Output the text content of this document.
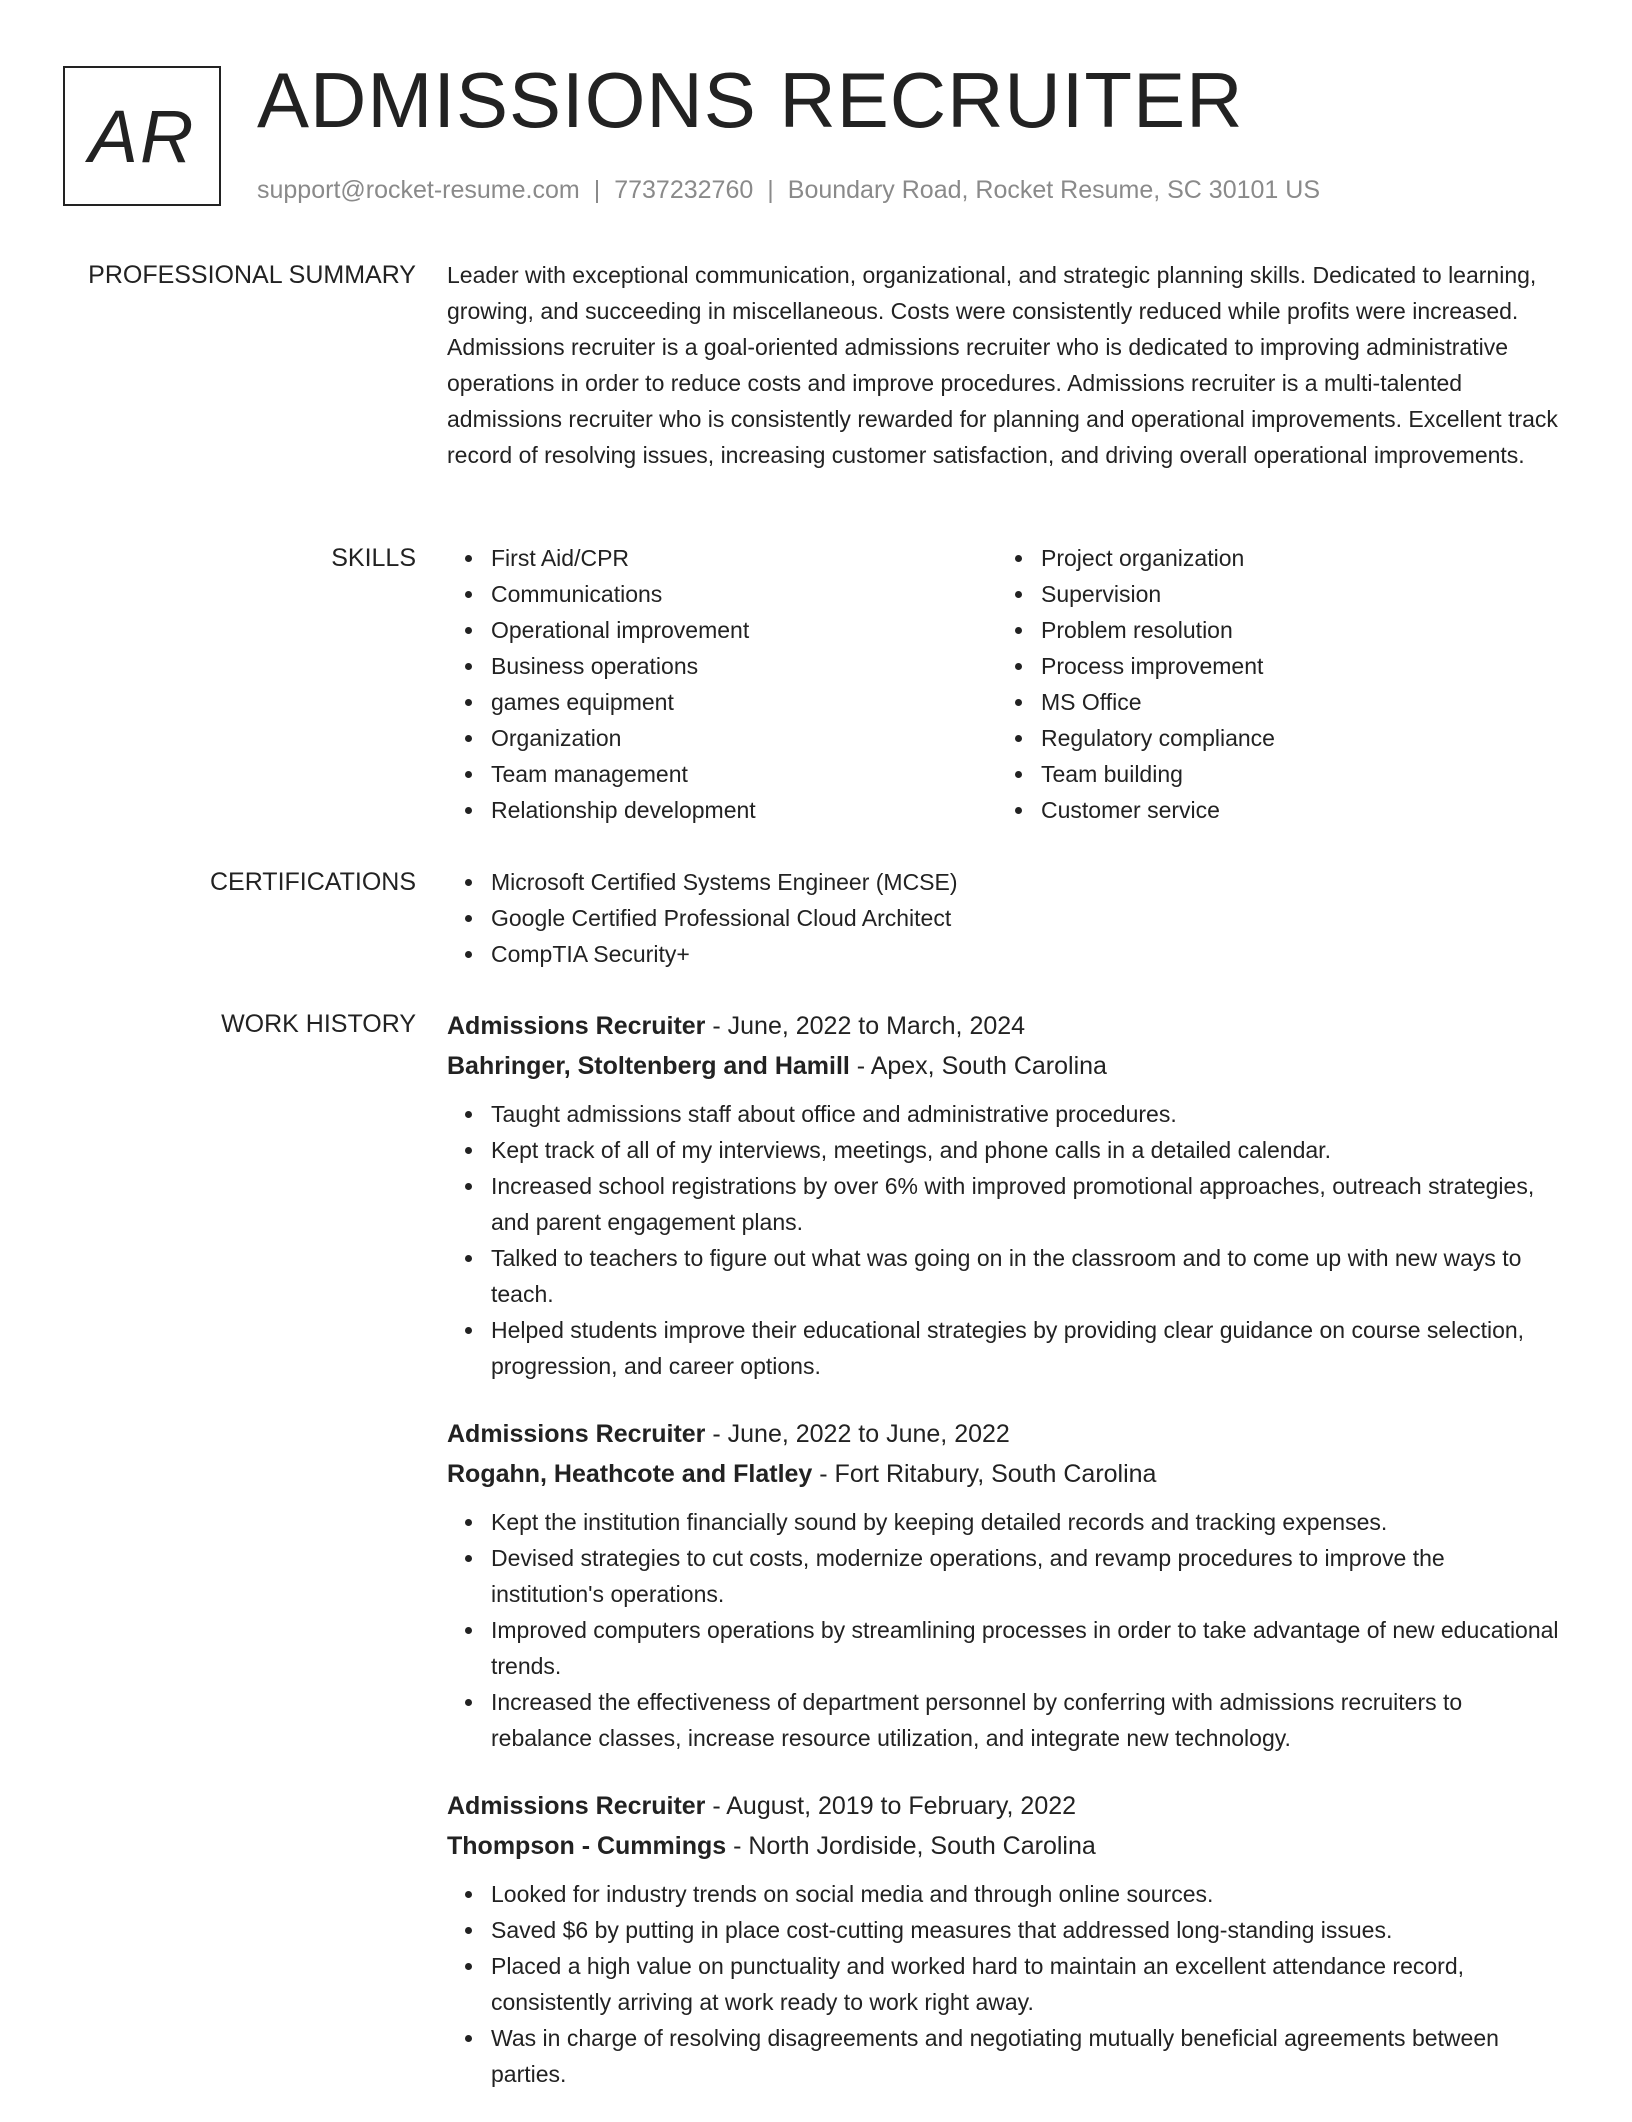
AR ADMISSIONS RECRUITER
support@rocket-resume.com | 7737232760 | Boundary Road, Rocket Resume, SC 30101 US
PROFESSIONAL SUMMARY Leader with exceptional communication, organizational, and strategic planning skills. Dedicated to learning, growing, and succeeding in miscellaneous. Costs were consistently reduced while profits were increased. Admissions recruiter is a goal-oriented admissions recruiter who is dedicated to improving administrative operations in order to reduce costs and improve procedures. Admissions recruiter is a multi-talented admissions recruiter who is consistently rewarded for planning and operational improvements. Excellent track record of resolving issues, increasing customer satisfaction, and driving overall operational improvements.

SKILLS	First Aid/CPR
Communications
Operational improvement
Business operations
games equipment
Organization
Team management
Relationship development
Project organization
Supervision
Problem resolution
Process improvement
MS Office
Regulatory compliance
Team building
Customer service
CERTIFICATIONS	Microsoft Certified Systems Engineer (MCSE)
Google Certified Professional Cloud Architect
CompTIA Security+
WORK HISTORY Admissions Recruiter - June, 2022 to March, 2024
Bahringer, Stoltenberg and Hamill - Apex, South Carolina
Taught admissions staff about office and administrative procedures.
Kept track of all of my interviews, meetings, and phone calls in a detailed calendar.
Increased school registrations by over 6% with improved promotional approaches, outreach strategies, and parent engagement plans.
Talked to teachers to figure out what was going on in the classroom and to come up with new ways to teach.
Helped students improve their educational strategies by providing clear guidance on course selection, progression, and career options.
Admissions Recruiter - June, 2022 to June, 2022
Rogahn, Heathcote and Flatley - Fort Ritabury, South Carolina
Kept the institution financially sound by keeping detailed records and tracking expenses.
Devised strategies to cut costs, modernize operations, and revamp procedures to improve the institution's operations.
Improved computers operations by streamlining processes in order to take advantage of new educational trends.
Increased the effectiveness of department personnel by conferring with admissions recruiters to rebalance classes, increase resource utilization, and integrate new technology.
Admissions Recruiter - August, 2019 to February, 2022
Thompson - Cummings - North Jordiside, South Carolina
Looked for industry trends on social media and through online sources.
Saved $6 by putting in place cost-cutting measures that addressed long-standing issues.
Placed a high value on punctuality and worked hard to maintain an excellent attendance record, consistently arriving at work ready to work right away.
Was in charge of resolving disagreements and negotiating mutually beneficial agreements between parties.
